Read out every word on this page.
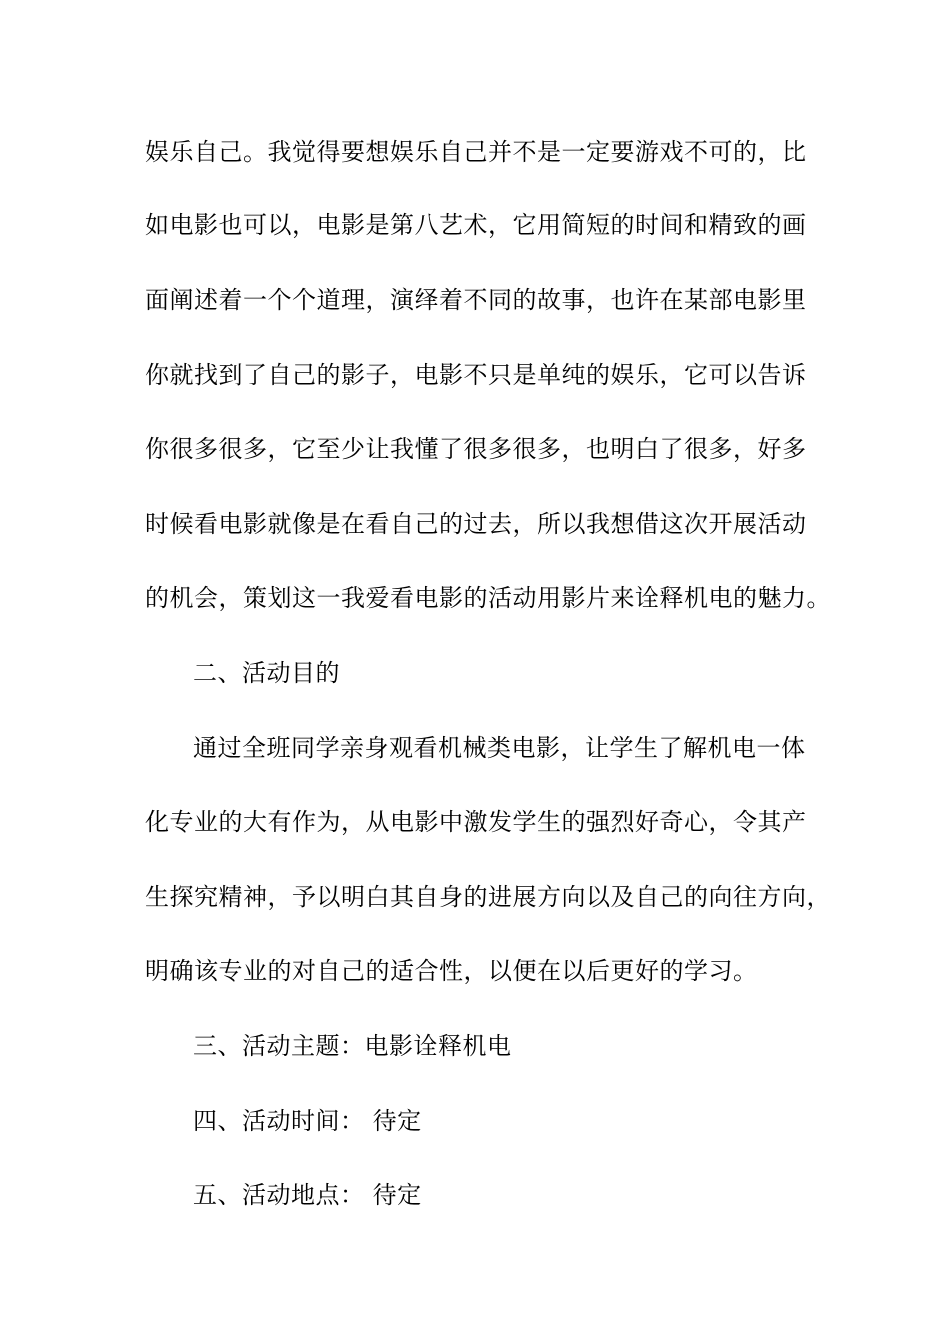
娱乐自己。我觉得要想娱乐自己并不是一定要游戏不可的，比
如电影也可以，电影是第八艺术，它用简短的时间和精致的画
面阐述着一个个道理，演绎着不同的故事，也许在某部电影里
你就找到了自己的影子，电影不只是单纯的娱乐，它可以告诉
你很多很多，它至少让我懂了很多很多，也明白了很多，好多
时候看电影就像是在看自己的过去，所以我想借这次开展活动
的机会，策划这一我爱看电影的活动用影片来诠释机电的魅力。
二、活动目的
通过全班同学亲身观看机械类电影，让学生了解机电一体
化专业的大有作为，从电影中激发学生的强烈好奇心，令其产
生探究精神，予以明白其自身的进展方向以及自己的向往方向，
明确该专业的对自己的适合性，以便在以后更好的学习。
三、活动主题：电影诠释机电
四、活动时间： 待定
五、活动地点： 待定
